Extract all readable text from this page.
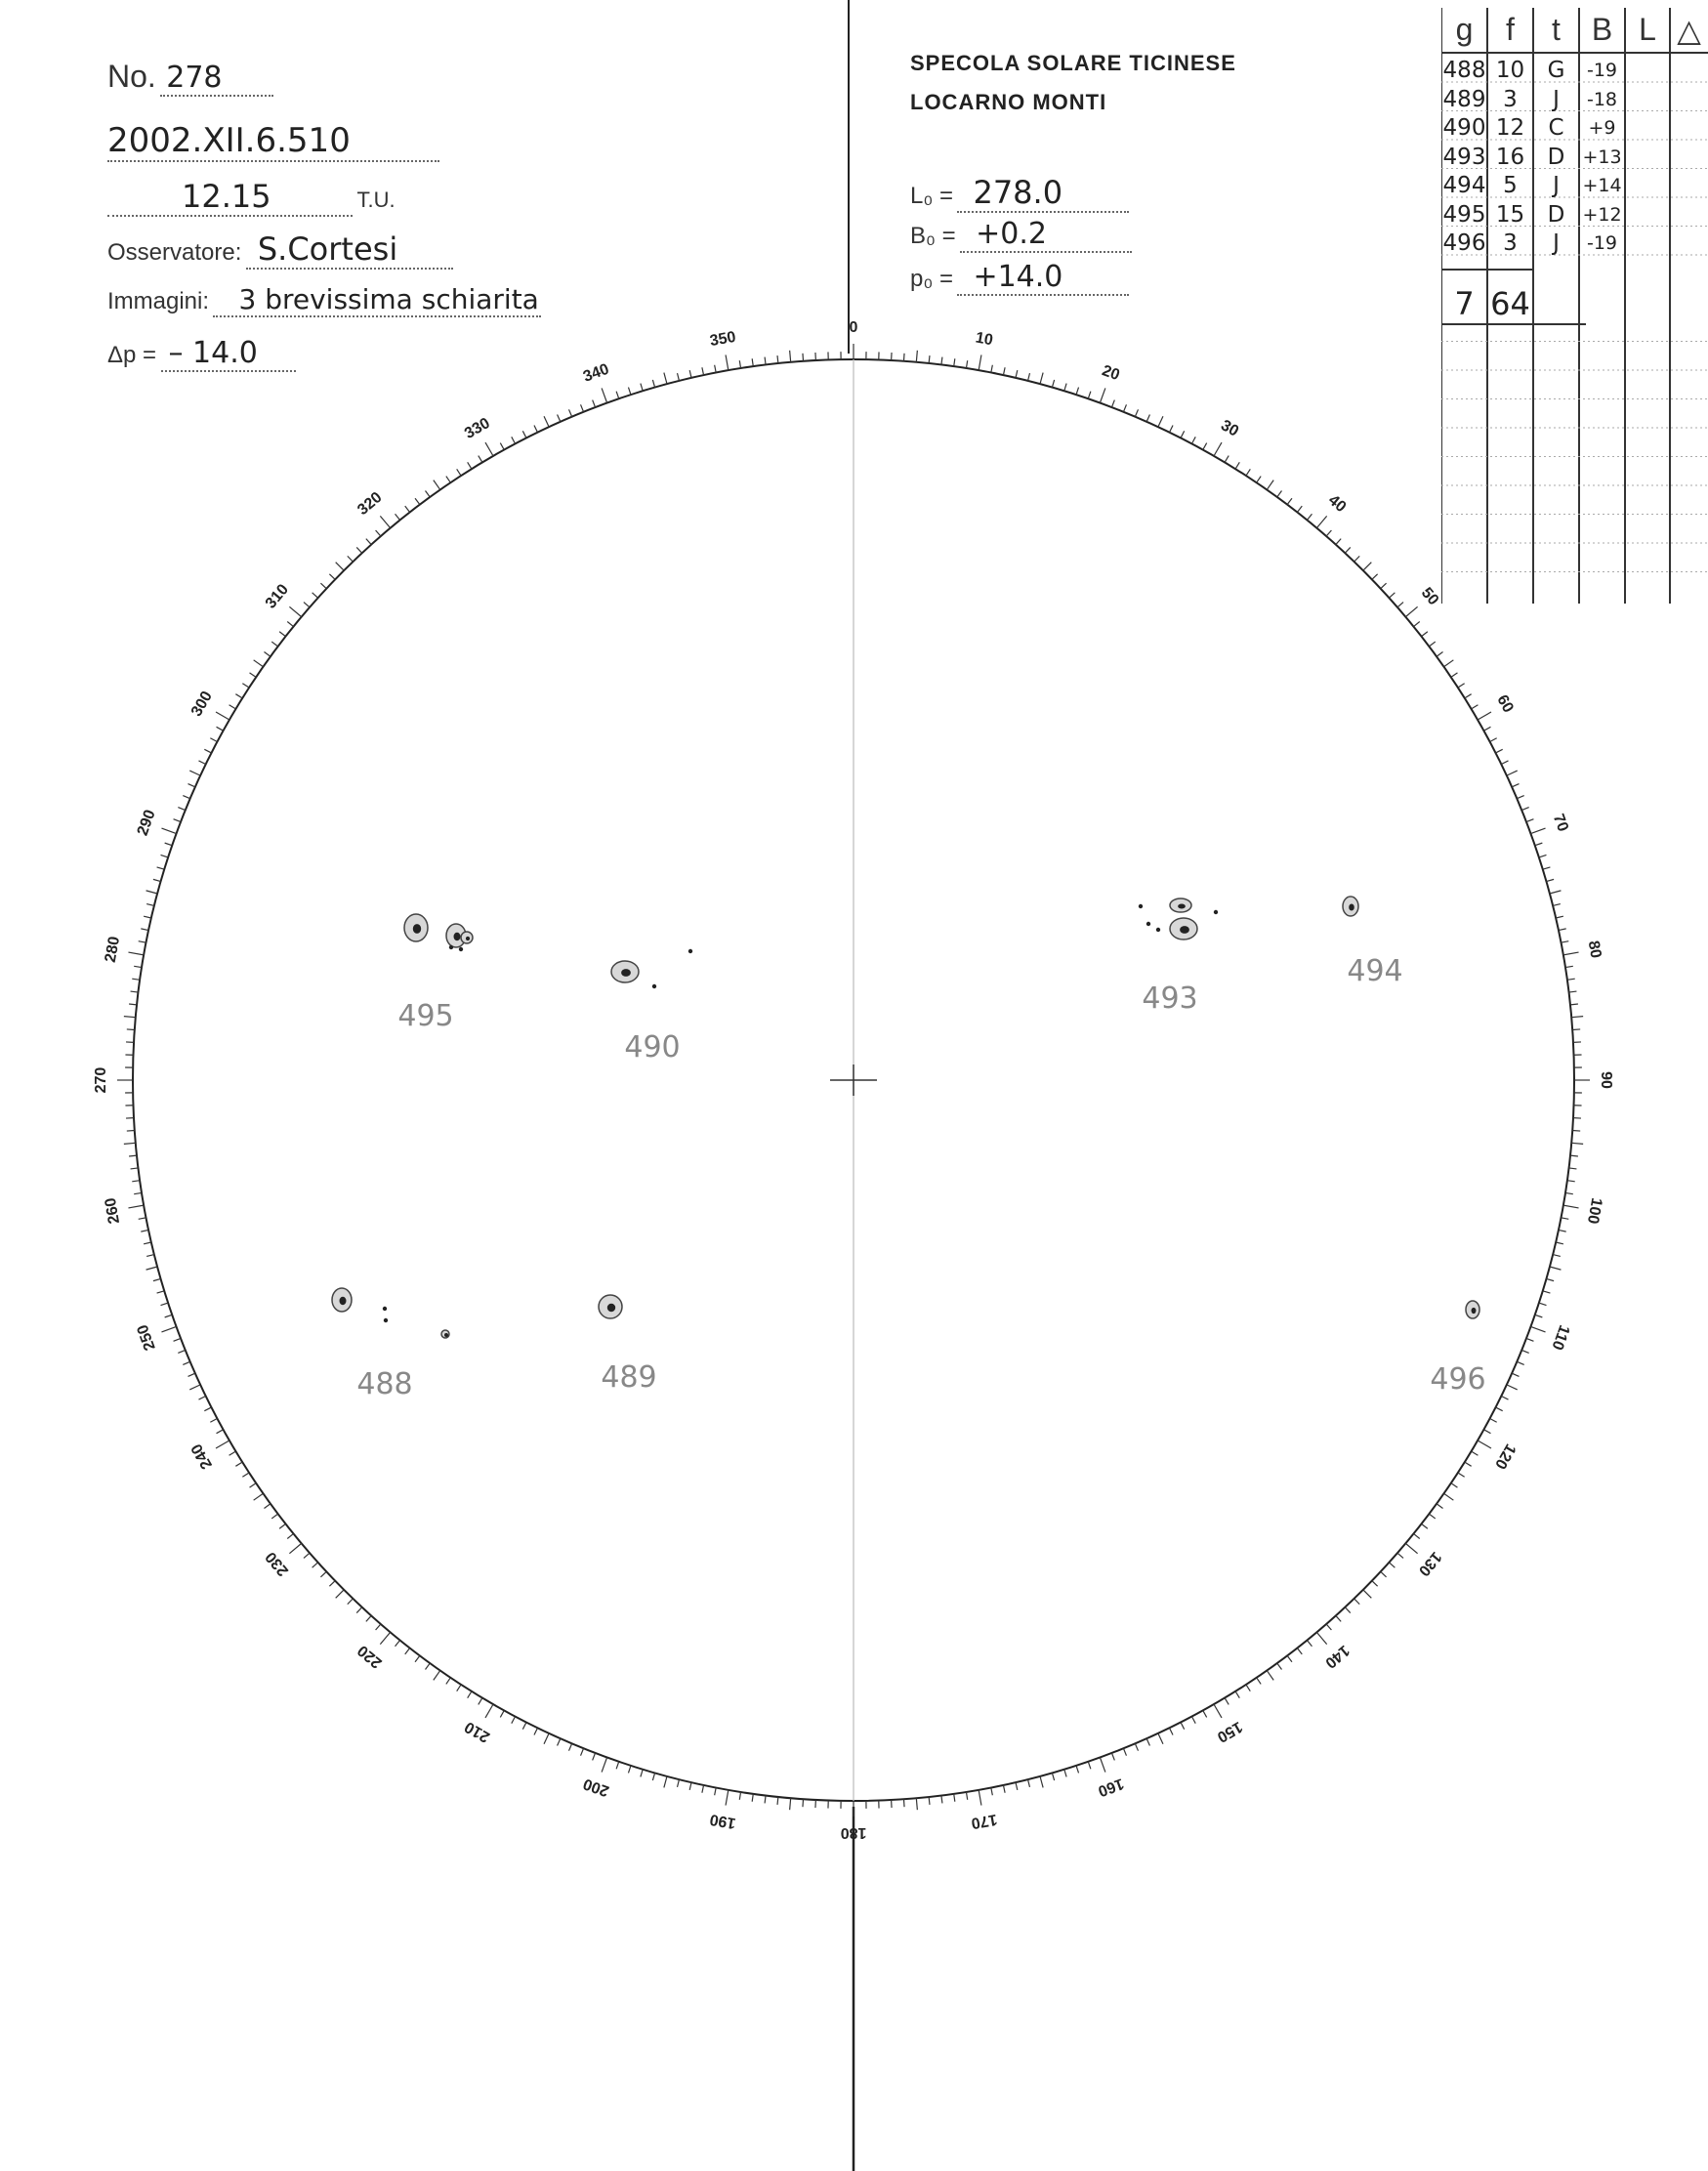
No. 278
2002.XII.6.510
12.15	T.U.
Osservatore: S.Cortesi
Immagini: 3 brevissima schiarita
Δp = – 14.0
SPECOLA SOLARE TICINESE
LOCARNO MONTI
L₀ = 278.0
B₀ = +0.2
p₀ = +14.0
g	f	t B L △
488 10	G	-19
489 3	J	-18
490 12	C	+9
493 16	D +13
494 5	J	+14
495 15	D +12
496 3	J	-19
7 64
0
10
20
30
40
50
60
70
80
90
100
110
120
130
140
150
160
170
180
190
200
210
220
230
240
250
260
270
280
290
300
310
320
330
340
350
495
490
493
494
488	489	496
